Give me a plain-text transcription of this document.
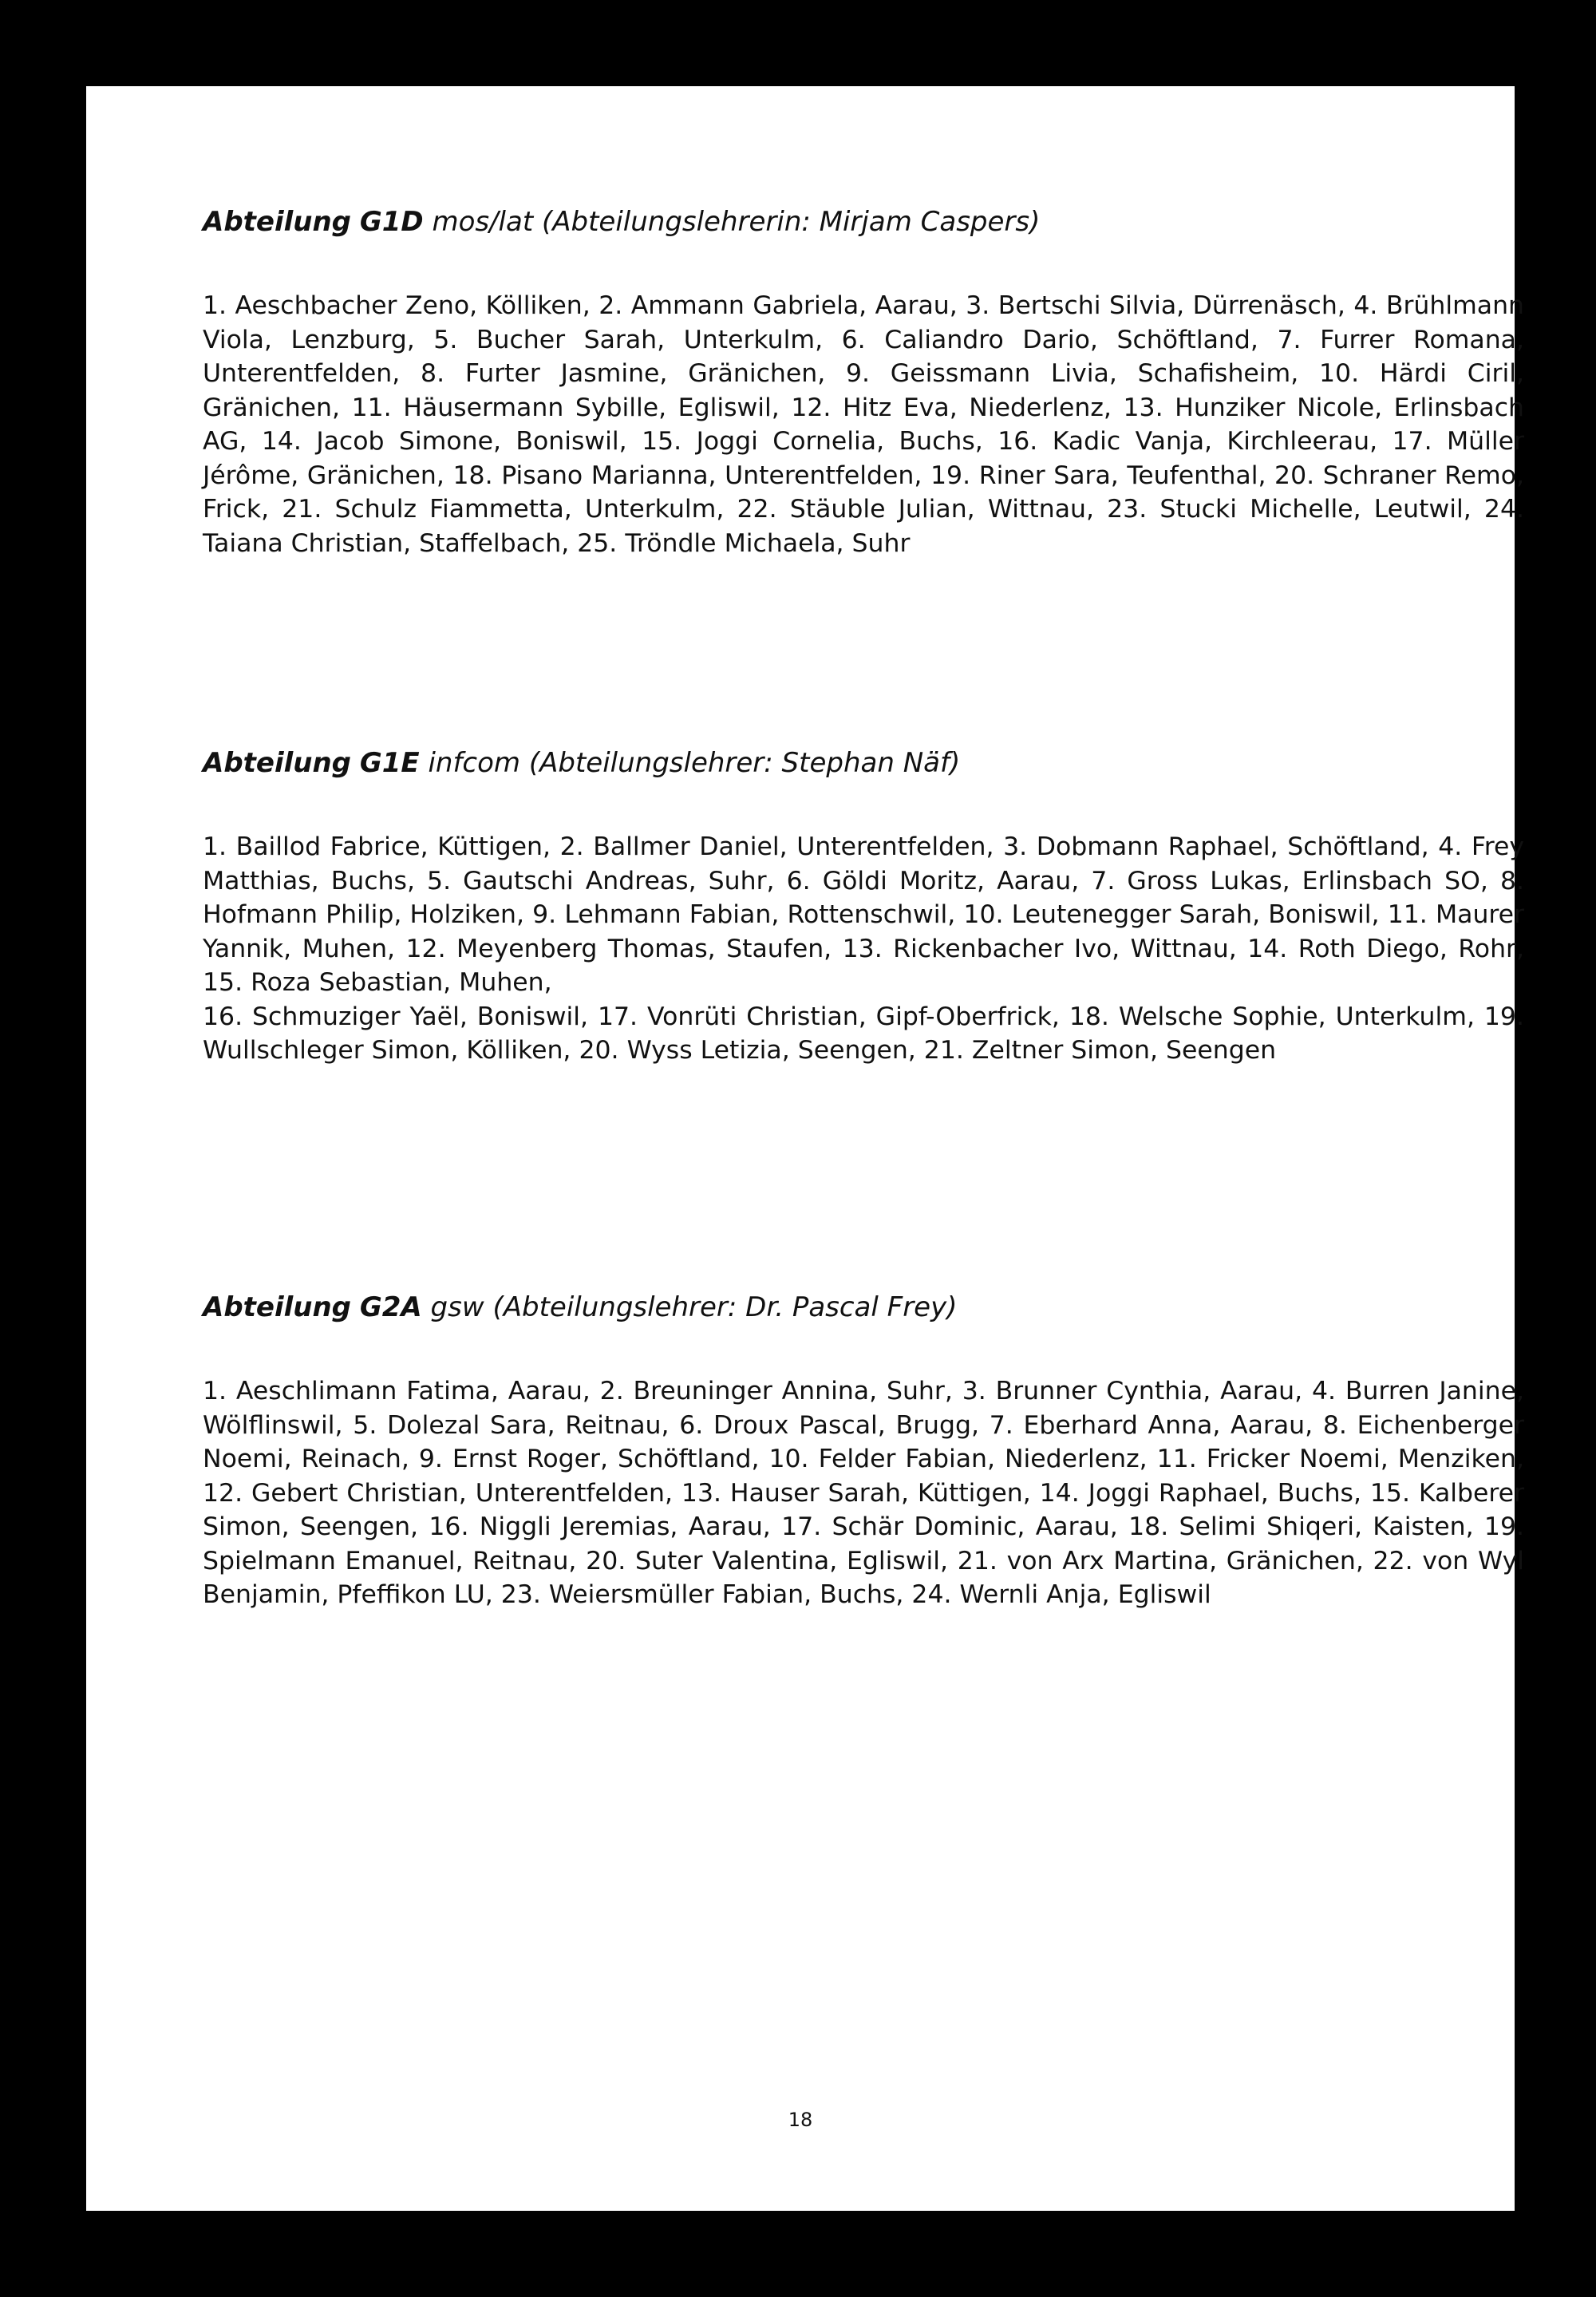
Abteilung G1D mos/lat (Abteilungslehrerin: Mirjam Caspers)

1. Aeschbacher Zeno, Kölliken, 2. Ammann Gabriela, Aarau, 3. Bertschi Silvia, Dürrenäsch, 4. Brühlmann Viola, Lenzburg, 5. Bucher Sarah, Unterkulm, 6. Caliandro Dario, Schöftland, 7. Furrer Romana, Unterentfelden, 8. Furter Jasmine, Gränichen, 9. Geissmann Livia, Schafisheim, 10. Härdi Ciril, Gränichen, 11. Häusermann Sybille, Egliswil, 12. Hitz Eva, Niederlenz, 13. Hunziker Nicole, Erlinsbach AG, 14. Jacob Simone, Boniswil, 15. Joggi Cornelia, Buchs, 16. Kadic Vanja, Kirchleerau, 17. Müller Jérôme, Gränichen, 18. Pisano Marianna, Unterentfelden, 19. Riner Sara, Teufenthal, 20. Schraner Remo, Frick, 21. Schulz Fiammetta, Unterkulm, 22. Stäuble Julian, Wittnau, 23. Stucki Michelle, Leutwil, 24. Taiana Christian, Staffelbach, 25. Tröndle Michaela, Suhr

Abteilung G1E infcom (Abteilungslehrer: Stephan Näf)

1. Baillod Fabrice, Küttigen, 2. Ballmer Daniel, Unterentfelden, 3. Dobmann Raphael, Schöftland, 4. Frey Matthias, Buchs, 5. Gautschi Andreas, Suhr, 6. Göldi Moritz, Aarau, 7. Gross Lukas, Erlinsbach SO, 8. Hofmann Philip, Holziken, 9. Lehmann Fabian, Rottenschwil, 10. Leutenegger Sarah, Boniswil, 11. Maurer Yannik, Muhen, 12. Meyenberg Thomas, Staufen, 13. Rickenbacher Ivo, Wittnau, 14. Roth Diego, Rohr, 15. Roza Sebastian, Muhen,
16. Schmuziger Yaël, Boniswil, 17. Vonrüti Christian, Gipf-Oberfrick, 18. Welsche Sophie, Unterkulm, 19. Wullschleger Simon, Kölliken, 20. Wyss Letizia, Seengen, 21. Zeltner Simon, Seengen

Abteilung G2A gsw (Abteilungslehrer: Dr. Pascal Frey)

1. Aeschlimann Fatima, Aarau, 2. Breuninger Annina, Suhr, 3. Brunner Cynthia, Aarau, 4. Burren Janine, Wölflinswil, 5. Dolezal Sara, Reitnau, 6. Droux Pascal, Brugg, 7. Eberhard Anna, Aarau, 8. Eichenberger Noemi, Reinach, 9. Ernst Roger, Schöftland, 10. Felder Fabian, Niederlenz, 11. Fricker Noemi, Menziken, 12. Gebert Christian, Unterentfelden, 13. Hauser Sarah, Küttigen, 14. Joggi Raphael, Buchs, 15. Kalberer Simon, Seengen, 16. Niggli Jeremias, Aarau, 17. Schär Dominic, Aarau, 18. Selimi Shiqeri, Kaisten, 19. Spielmann Emanuel, Reitnau, 20. Suter Valentina, Egliswil, 21. von Arx Martina, Gränichen, 22. von Wyl Benjamin, Pfeffikon LU, 23. Weiersmüller Fabian, Buchs, 24. Wernli Anja, Egliswil
18
